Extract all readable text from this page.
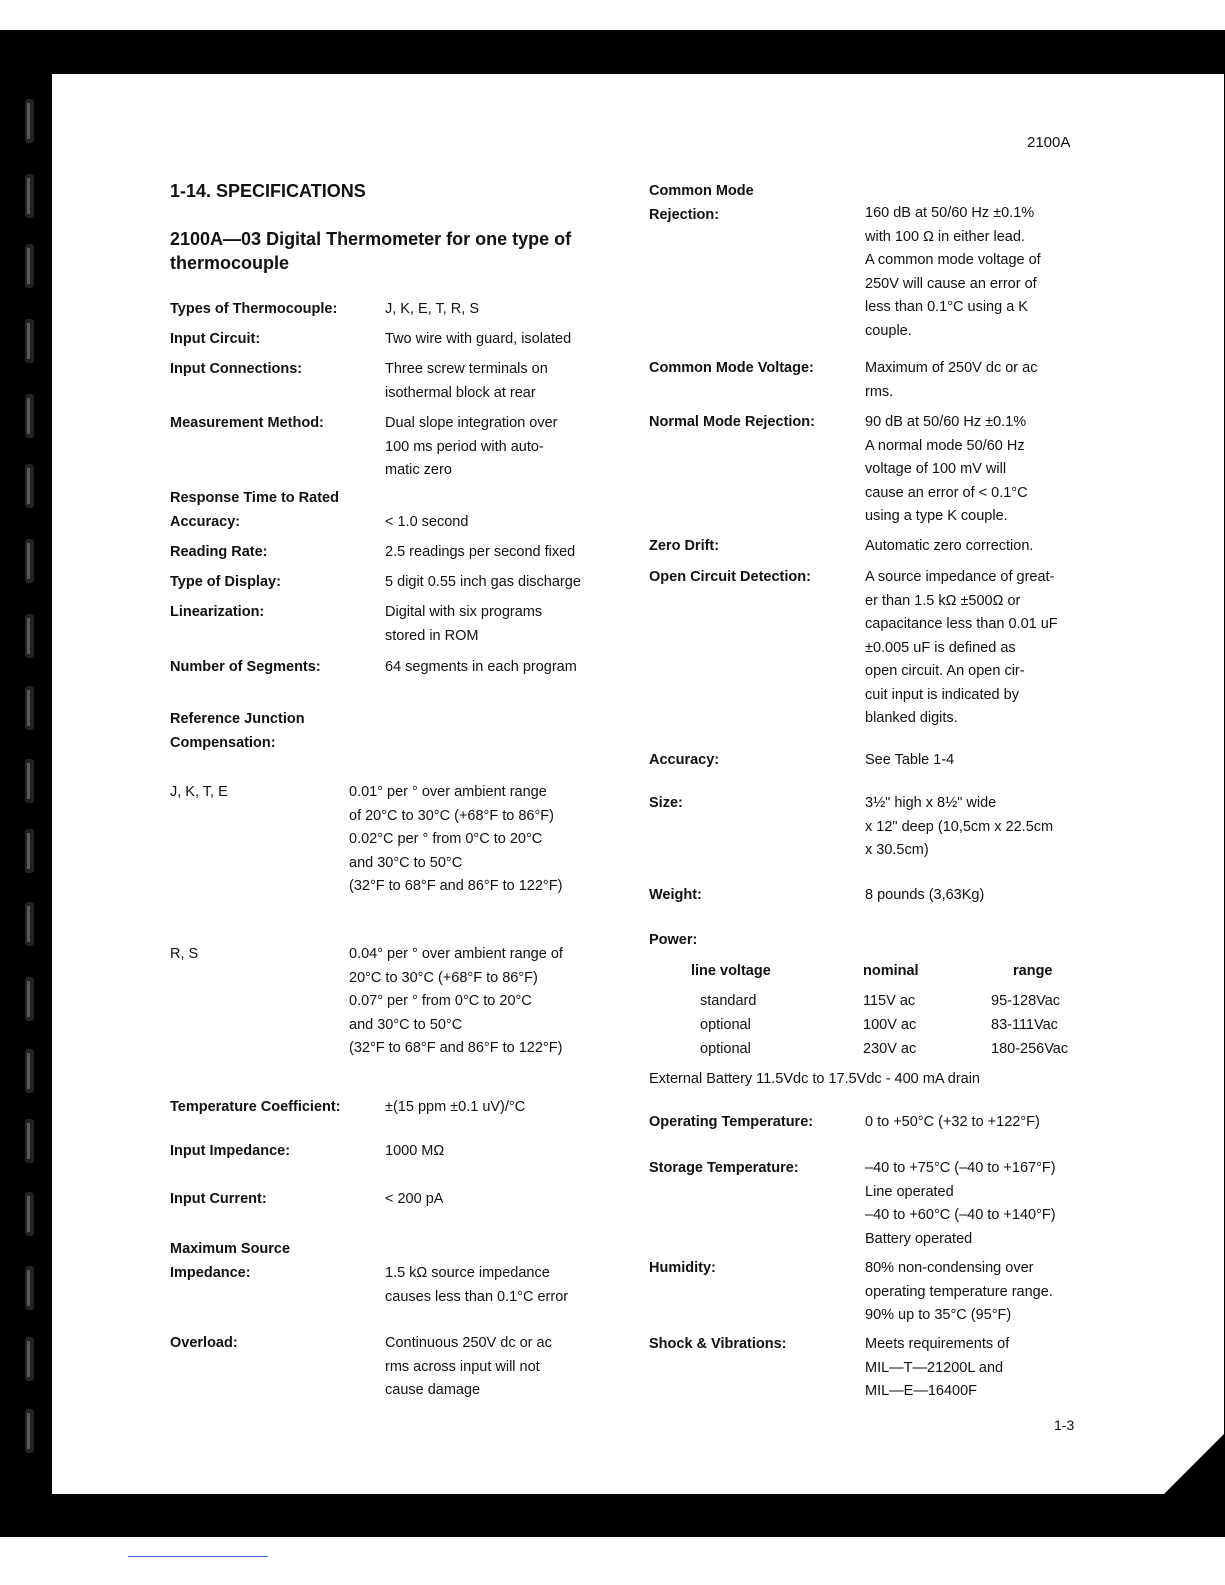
2100A
1-14. SPECIFICATIONS
2100A—03 Digital Thermometer for one type of
thermocouple
Types of Thermocouple:	J, K, E, T, R, S
Input Circuit:	Two wire with guard, isolated
Input Connections:	Three screw terminals on
isothermal block at rear
Measurement Method:	Dual slope integration over
100 ms period with auto-
matic zero
Response Time to Rated
Accuracy:	< 1.0 second
Reading Rate:	2.5 readings per second fixed
Type of Display:	5 digit 0.55 inch gas discharge
Linearization:	Digital with six programs
stored in ROM
Number of Segments:	64 segments in each program
Reference Junction
Compensation:
J, K, T, E	0.01° per ° over ambient range
of 20°C to 30°C (+68°F to 86°F)
0.02°C per ° from 0°C to 20°C
and 30°C to 50°C
(32°F to 68°F and 86°F to 122°F)
R, S	0.04° per ° over ambient range of
20°C to 30°C (+68°F to 86°F)
0.07° per ° from 0°C to 20°C
and 30°C to 50°C
(32°F to 68°F and 86°F to 122°F)
Temperature Coefficient:	±(15 ppm ±0.1 uV)/°C
Input Impedance:	1000 MΩ
Input Current:	< 200 pA
Maximum Source
Impedance:	1.5 kΩ source impedance
causes less than 0.1°C error
Overload:	Continuous 250V dc or ac
rms across input will not
cause damage
Common Mode
Rejection:	160 dB at 50/60 Hz ±0.1%
with 100 Ω in either lead.
A common mode voltage of
250V will cause an error of
less than 0.1°C using a K
couple.
Common Mode Voltage:	Maximum of 250V dc or ac
rms.
Normal Mode Rejection:	90 dB at 50/60 Hz ±0.1%
A normal mode 50/60 Hz
voltage of 100 mV will
cause an error of < 0.1°C
using a type K couple.
Zero Drift:	Automatic zero correction.
Open Circuit Detection:	A source impedance of great-
er than 1.5 kΩ ±500Ω or
capacitance less than 0.01 uF
±0.005 uF is defined as
open circuit. An open cir-
cuit input is indicated by
blanked digits.
Accuracy:	See Table 1-4
Size:	3½" high x 8½" wide
x 12" deep (10,5cm x 22.5cm
x 30.5cm)
Weight:	8 pounds (3,63Kg)
Power:
line voltage	nominal	range
standard	115V ac	95-128Vac
optional	100V ac	83-111Vac
optional	230V ac	180-256Vac
External Battery 11.5Vdc to 17.5Vdc - 400 mA drain
Operating Temperature:	0 to +50°C (+32 to +122°F)
Storage Temperature:	–40 to +75°C (–40 to +167°F)
Line operated
–40 to +60°C (–40 to +140°F)
Battery operated
Humidity:	80% non-condensing over
operating temperature range.
90% up to 35°C (95°F)
Shock & Vibrations:	Meets requirements of
MIL—T—21200L and
MIL—E—16400F
1-3
